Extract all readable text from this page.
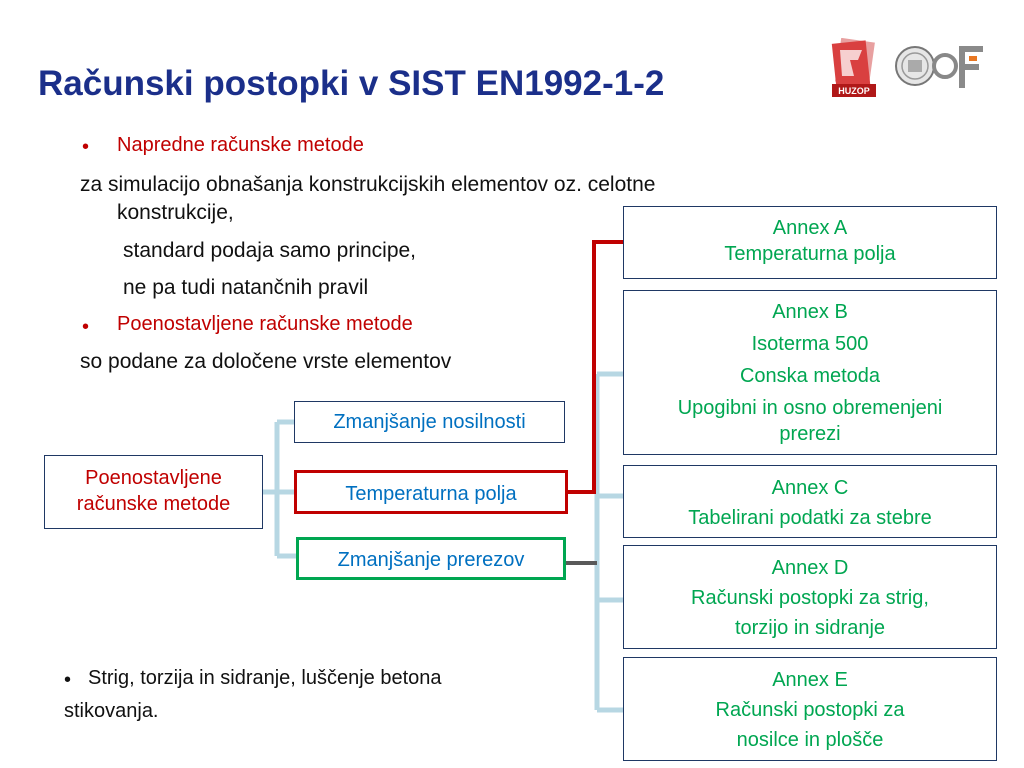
Računski postopki v SIST EN1992-1-2	HUZOP
• Napredne računske metode
za simulacijo obnašanja konstrukcijskih elementov oz. celotne
konstrukcije,
standard podaja samo principe,
ne pa tudi natančnih pravil
• Poenostavljene računske metode
so podane za določene vrste elementov
• Strig, torzija in sidranje, luščenje betona
stikovanja.
Poenostavljene
računske metode
Zmanjšanje nosilnosti
Temperaturna polja
Zmanjšanje prerezov
Annex A
Temperaturna polja
Annex B
Isoterma 500
Conska metoda
Upogibni in osno obremenjeni
prerezi
Annex C
Tabelirani podatki za stebre
Annex D
Računski postopki za strig,
torzijo in sidranje
Annex E
Računski postopki za
nosilce in plošče
